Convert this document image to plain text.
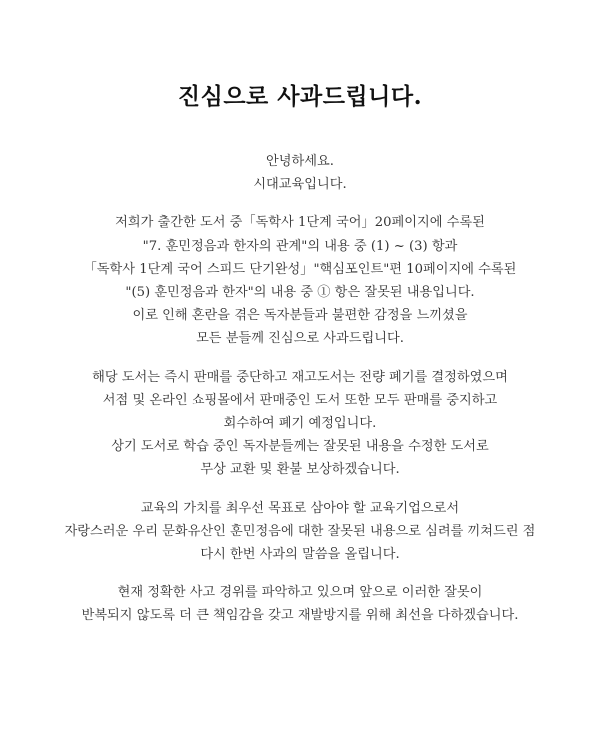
진심으로 사과드립니다.

안녕하세요.
시대교육입니다.

저희가 출간한 도서 중「독학사 1단계 국어」20페이지에 수록된
"7. 훈민정음과 한자의 관계"의 내용 중 (1) ~ (3) 항과
「독학사 1단계 국어 스피드 단기완성」"핵심포인트"편 10페이지에 수록된
"(5) 훈민정음과 한자"의 내용 중 ① 항은 잘못된 내용입니다.
이로 인해 혼란을 겪은 독자분들과 불편한 감정을 느끼셨을
모든 분들께 진심으로 사과드립니다.

해당 도서는 즉시 판매를 중단하고 재고도서는 전량 폐기를 결정하였으며
서점 및 온라인 쇼핑몰에서 판매중인 도서 또한 모두 판매를 중지하고
회수하여 폐기 예정입니다.
상기 도서로 학습 중인 독자분들께는 잘못된 내용을 수정한 도서로
무상 교환 및 환불 보상하겠습니다.

교육의 가치를 최우선 목표로 삼아야 할 교육기업으로서
자랑스러운 우리 문화유산인 훈민정음에 대한 잘못된 내용으로 심려를 끼쳐드린 점
다시 한번 사과의 말씀을 올립니다.

현재 정확한 사고 경위를 파악하고 있으며 앞으로 이러한 잘못이
반복되지 않도록 더 큰 책임감을 갖고 재발방지를 위해 최선을 다하겠습니다.
